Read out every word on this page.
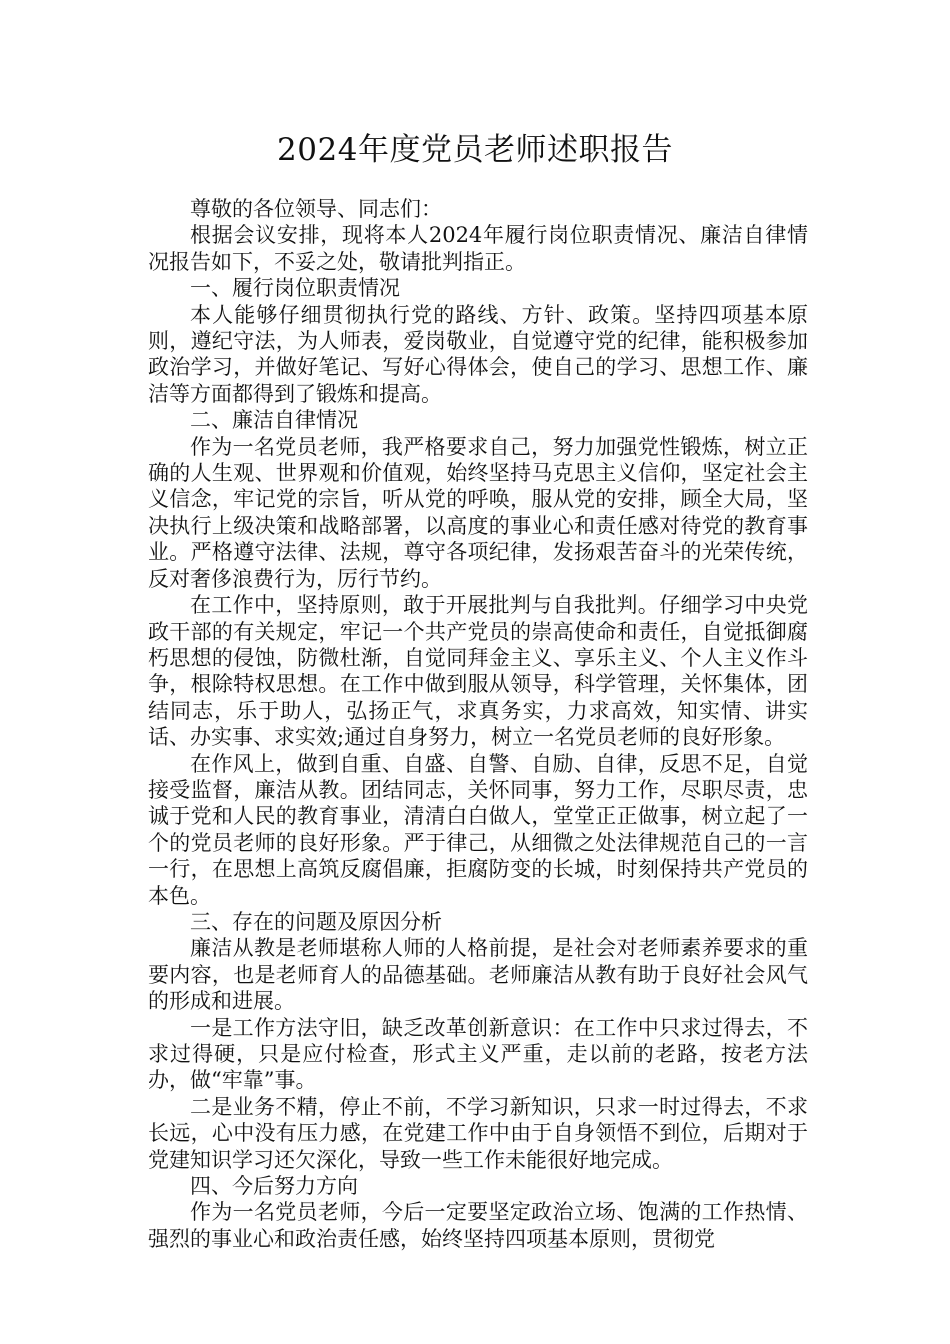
2024年度党员老师述职报告

尊敬的各位领导、同志们：

根据会议安排，现将本人2024年履行岗位职责情况、廉洁自律情况报告如下，不妥之处，敬请批判指正。

一、履行岗位职责情况

本人能够仔细贯彻执行党的路线、方针、政策。坚持四项基本原则，遵纪守法，为人师表，爱岗敬业，自觉遵守党的纪律，能积极参加政治学习，并做好笔记、写好心得体会，使自己的学习、思想工作、廉洁等方面都得到了锻炼和提高。

二、廉洁自律情况

作为一名党员老师，我严格要求自己，努力加强党性锻炼，树立正确的人生观、世界观和价值观，始终坚持马克思主义信仰，坚定社会主义信念，牢记党的宗旨，听从党的呼唤，服从党的安排，顾全大局，坚决执行上级决策和战略部署，以高度的事业心和责任感对待党的教育事业。严格遵守法律、法规，尊守各项纪律，发扬艰苦奋斗的光荣传统，反对奢侈浪费行为，厉行节约。

在工作中，坚持原则，敢于开展批判与自我批判。仔细学习中央党政干部的有关规定，牢记一个共产党员的崇高使命和责任，自觉抵御腐朽思想的侵蚀，防微杜渐，自觉同拜金主义、享乐主义、个人主义作斗争，根除特权思想。在工作中做到服从领导，科学管理，关怀集体，团结同志，乐于助人，弘扬正气，求真务实，力求高效，知实情、讲实话、办实事、求实效;通过自身努力，树立一名党员老师的良好形象。

在作风上，做到自重、自盛、自警、自励、自律，反思不足，自觉接受监督，廉洁从教。团结同志，关怀同事，努力工作，尽职尽责，忠诚于党和人民的教育事业，清清白白做人，堂堂正正做事，树立起了一个的党员老师的良好形象。严于律己，从细微之处法律规范自己的一言一行，在思想上高筑反腐倡廉，拒腐防变的长城，时刻保持共产党员的本色。

三、存在的问题及原因分析

廉洁从教是老师堪称人师的人格前提，是社会对老师素养要求的重要内容，也是老师育人的品德基础。老师廉洁从教有助于良好社会风气的形成和进展。

一是工作方法守旧，缺乏改革创新意识：在工作中只求过得去，不求过得硬，只是应付检查，形式主义严重，走以前的老路，按老方法办，做“牢靠”事。

二是业务不精，停止不前，不学习新知识，只求一时过得去，不求长远，心中没有压力感，在党建工作中由于自身领悟不到位，后期对于党建知识学习还欠深化，导致一些工作未能很好地完成。

四、今后努力方向

作为一名党员老师，今后一定要坚定政治立场、饱满的工作热情、强烈的事业心和政治责任感，始终坚持四项基本原则，贯彻党
